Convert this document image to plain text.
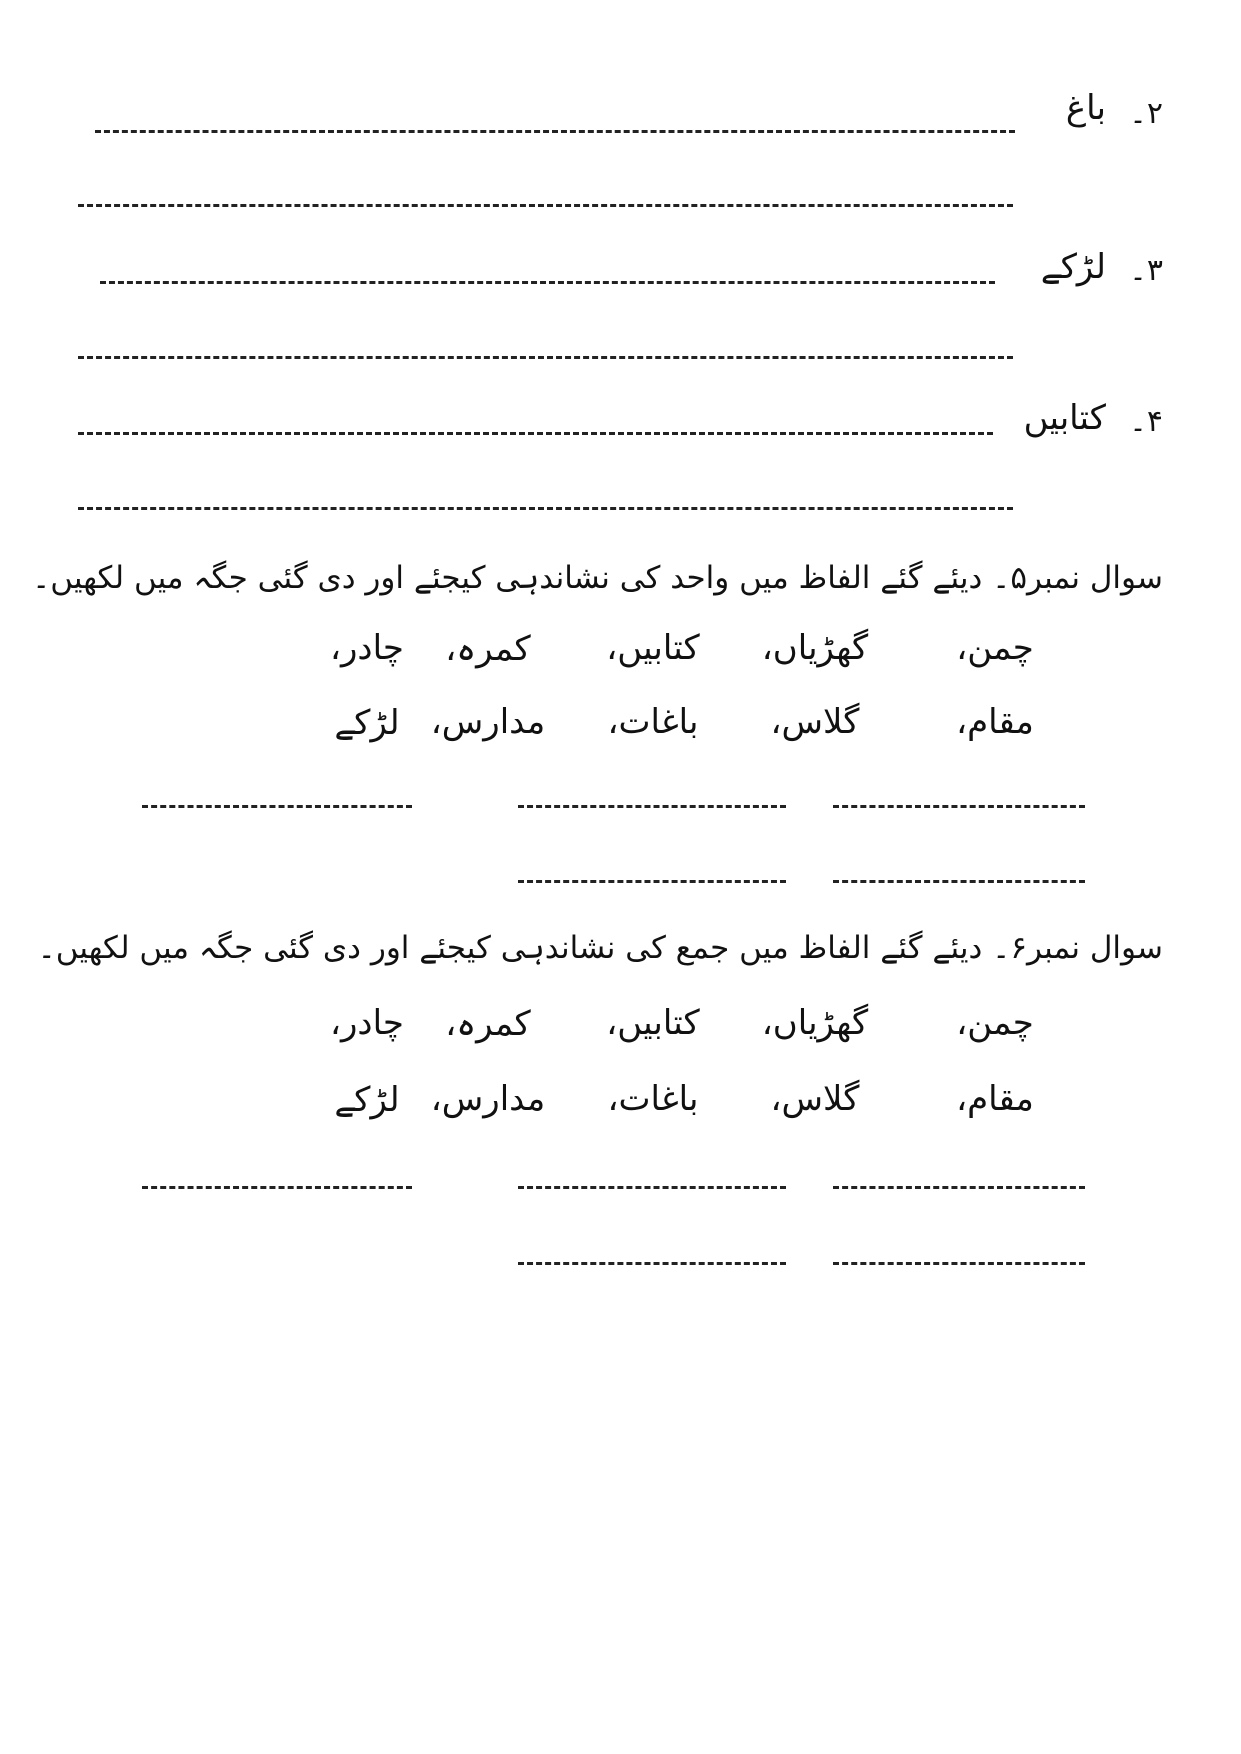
۲۔
باغ
۳۔
لڑکے
۴۔
کتابیں
سوال نمبر۵۔ دیئے گئے الفاظ میں واحد کی نشاندہی کیجئے اور دی گئی جگہ میں لکھیں۔
چمن،
گھڑیاں،
کتابیں،
کمرہ،
چادر،
مقام،
گلاس،
باغات،
مدارس،
لڑکے
سوال نمبر۶۔ دیئے گئے الفاظ میں جمع کی نشاندہی کیجئے اور دی گئی جگہ میں لکھیں۔
چمن،
گھڑیاں،
کتابیں،
کمرہ،
چادر،
مقام،
گلاس،
باغات،
مدارس،
لڑکے
